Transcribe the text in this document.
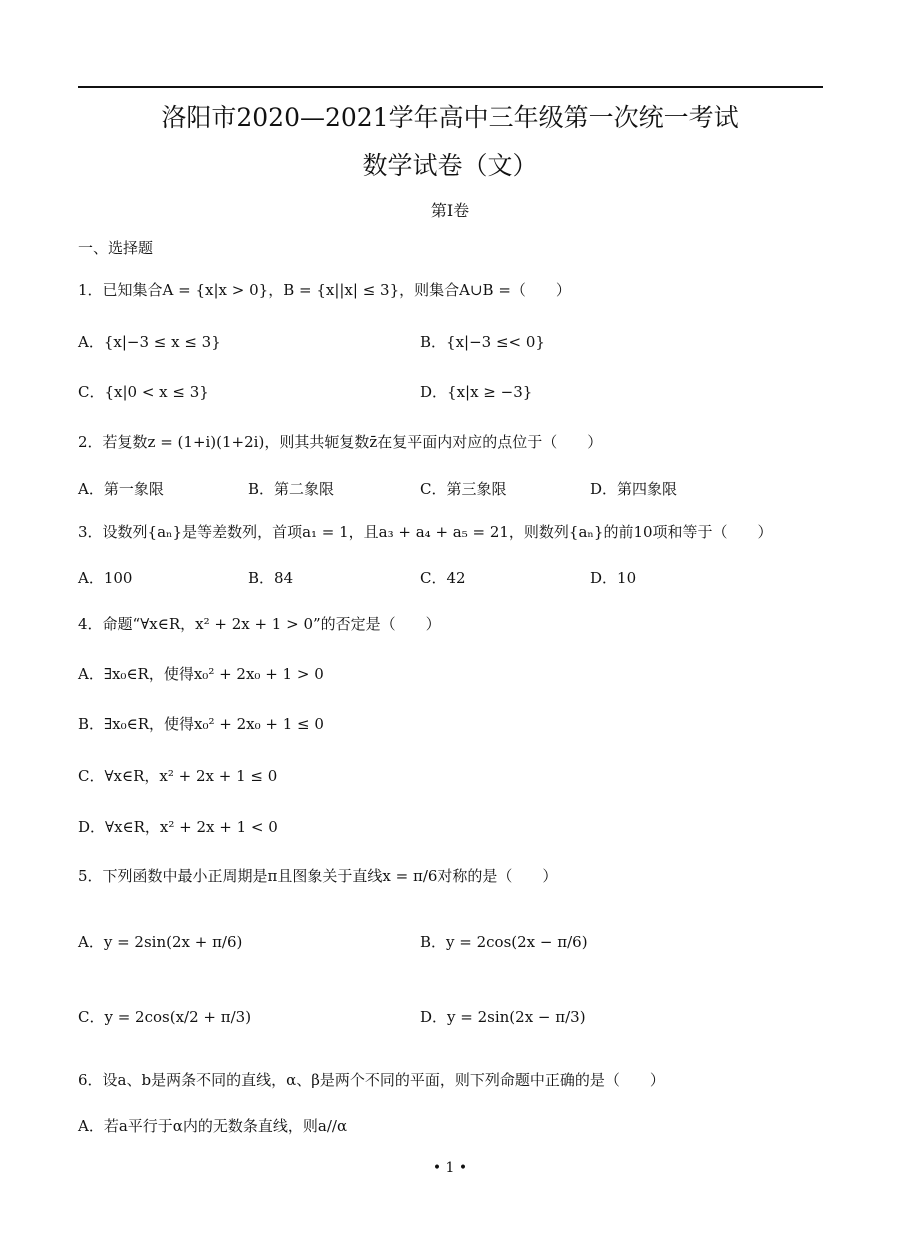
洛阳市2020—2021学年高中三年级第一次统一考试
数学试卷（文）
第Ⅰ卷
一、选择题
1．已知集合A = {x|x > 0}，B = {x||x| ≤ 3}，则集合A∪B =（　　）
A．{x|−3 ≤ x ≤ 3}	B．{x|−3 ≤< 0}
C．{x|0 < x ≤ 3}	D．{x|x ≥ −3}
2．若复数z = (1+i)(1+2i)，则其共轭复数z̄在复平面内对应的点位于（　　）
A．第一象限	B．第二象限	C．第三象限	D．第四象限
3．设数列{aₙ}是等差数列，首项a₁ = 1，且a₃ + a₄ + a₅ = 21，则数列{aₙ}的前10项和等于（　　）
A．100	B．84	C．42	D．10
4．命题“∀x∈R，x² + 2x + 1 > 0”的否定是（　　）
A．∃x₀∈R，使得x₀² + 2x₀ + 1 > 0
B．∃x₀∈R，使得x₀² + 2x₀ + 1 ≤ 0
C．∀x∈R，x² + 2x + 1 ≤ 0
D．∀x∈R，x² + 2x + 1 < 0
5．下列函数中最小正周期是π且图象关于直线x = π/6对称的是（　　）
A．y = 2sin(2x + π/6)	B．y = 2cos(2x − π/6)
C．y = 2cos(x/2 + π/3)	D．y = 2sin(2x − π/3)
6．设a、b是两条不同的直线，α、β是两个不同的平面，则下列命题中正确的是（　　）
A．若a平行于α内的无数条直线，则a//α
• 1 •
